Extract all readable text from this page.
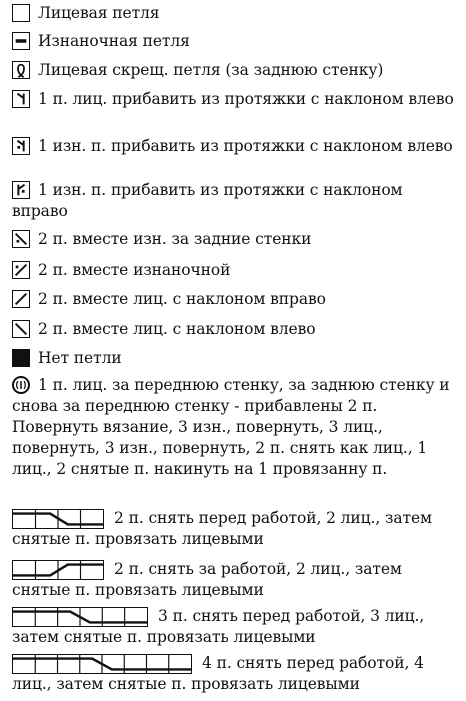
Лицевая петля
Изнаночная петля
Лицевая скрещ. петля (за заднюю стенку)
1 п. лиц. прибавить из протяжки с наклоном влево
1 изн. п. прибавить из протяжки с наклоном влево
1 изн. п. прибавить из протяжки с наклоном вправо
2 п. вместе изн. за задние стенки
2 п. вместе изнаночной
2 п. вместе лиц. с наклоном вправо
2 п. вместе лиц. с наклоном влево
Нет петли
1 п. лиц. за переднюю стенку, за заднюю стенку и снова за переднюю стенку - прибавлены 2 п. Повернуть вязание, 3 изн., повернуть, 3 лиц., повернуть, 3 изн., повернуть, 2 п. снять как лиц., 1 лиц., 2 снятые п. накинуть на 1 провязанну п.
2 п. снять перед работой, 2 лиц., затем снятые п. провязать лицевыми
2 п. снять за работой, 2 лиц., затем снятые п. провязать лицевыми
3 п. снять перед работой, 3 лиц., затем снятые п. провязать лицевыми
4 п. снять перед работой, 4 лиц., затем снятые п. провязать лицевыми
